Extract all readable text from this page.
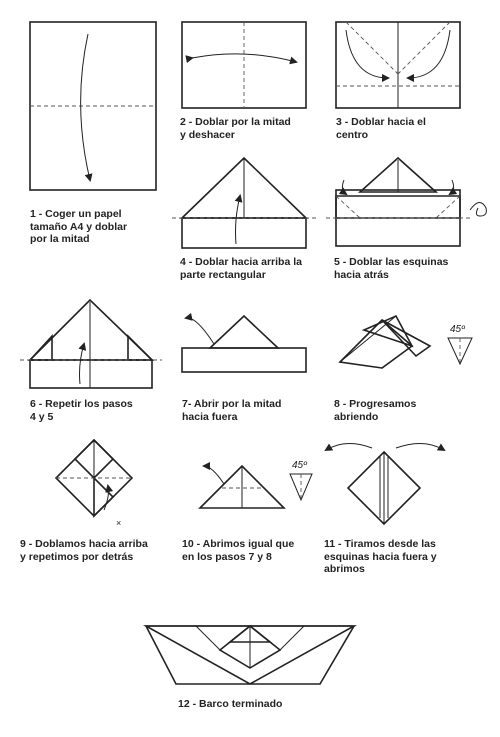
45º
×
45º
1 - Coger un papel
tamaño A4 y doblar
por la mitad
2 - Doblar por la mitad
y deshacer
3 - Doblar hacia el
centro
4 - Doblar hacia arriba la
parte rectangular
5 - Doblar las esquinas
hacia atrás
6 - Repetir los pasos
4 y 5
7- Abrir por la mitad
hacia fuera
8 - Progresamos
abriendo
9 - Doblamos hacia arriba
y repetimos por detrás
10 - Abrimos igual que
en los pasos 7 y 8
11 - Tiramos desde las
esquinas hacia fuera y
abrimos
12 - Barco terminado
